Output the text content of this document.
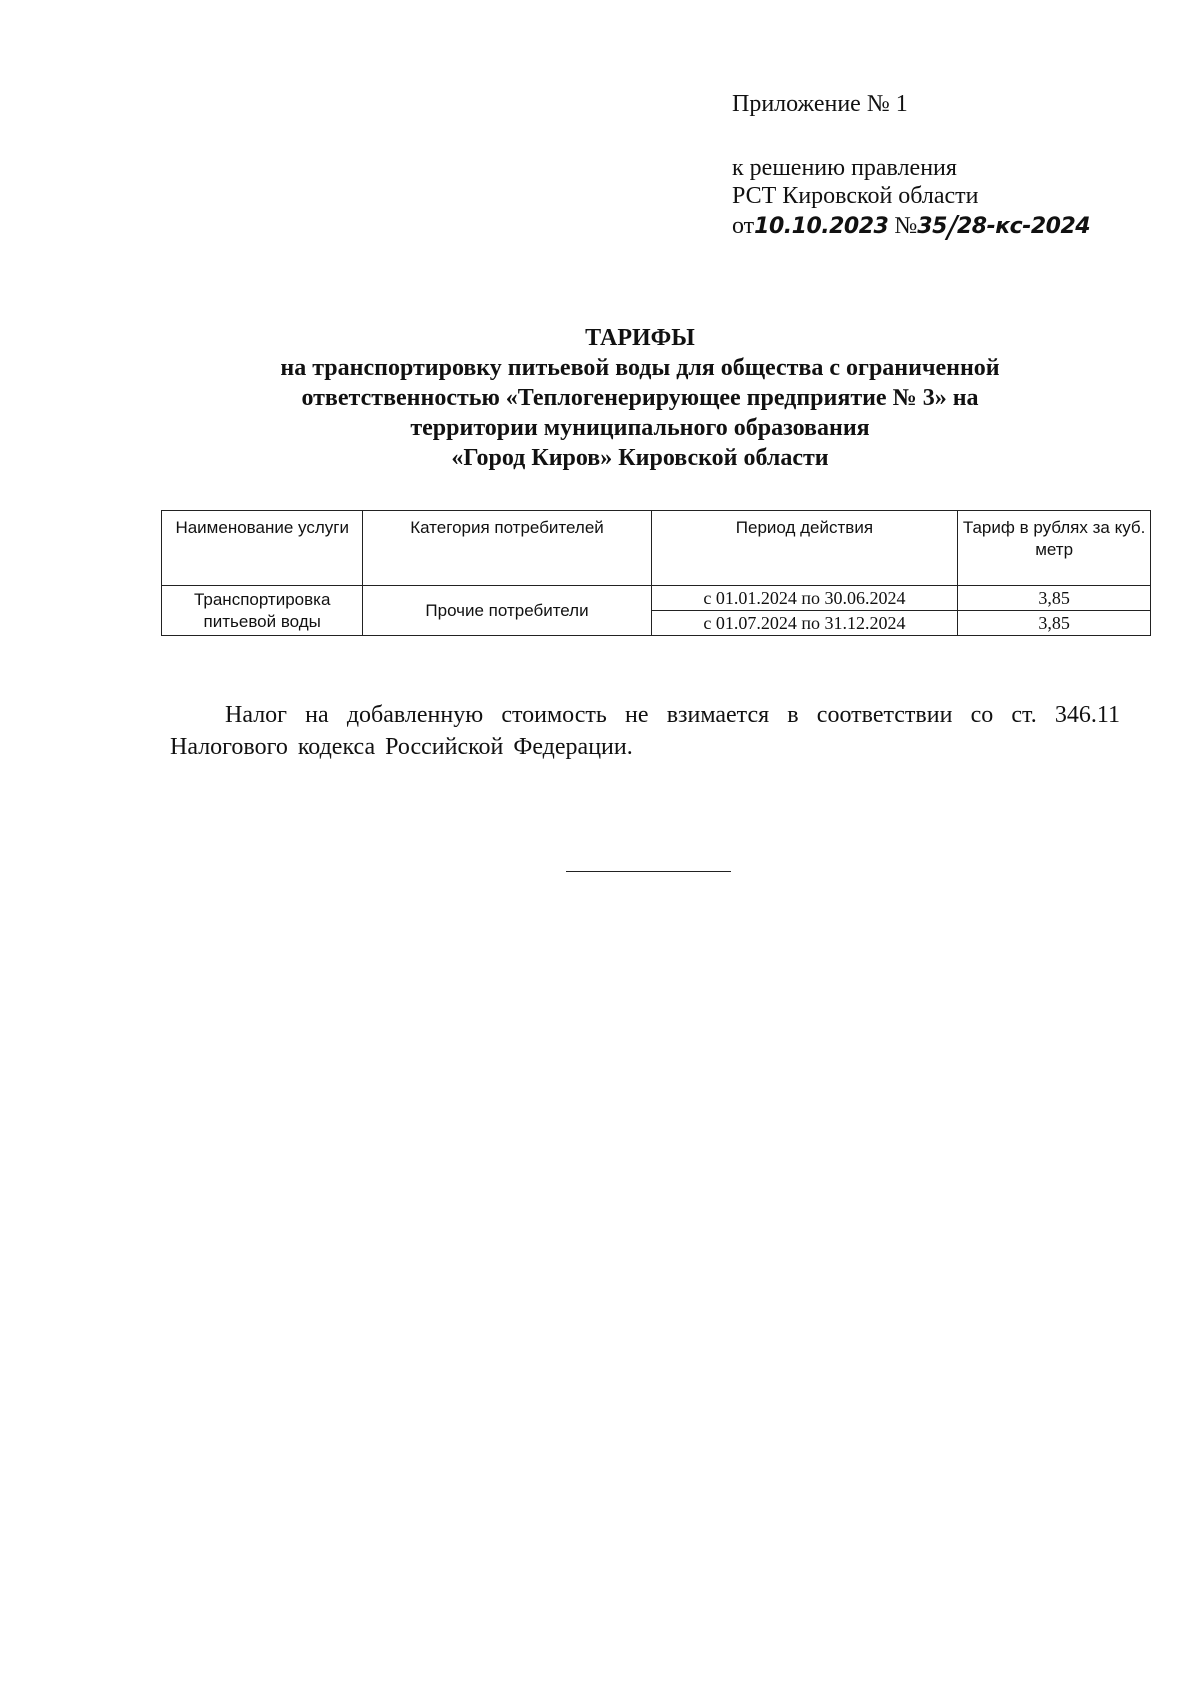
Приложение № 1
к решению правления
РСТ Кировской области
от10.10.2023 №35/28-кс-2024
ТАРИФЫ
на транспортировку питьевой воды для общества с ограниченной
ответственностью «Теплогенерирующее предприятие № 3» на
территории муниципального образования
«Город Киров» Кировской области
Наименование услуги	Категория потребителей	Период действия	Тариф в рублях за куб. метр
Транспортировка питьевой воды	Прочие потребители	с 01.01.2024 по 30.06.2024	3,85
		с 01.07.2024 по 31.12.2024	3,85

Налог на добавленную стоимость не взимается в соответствии со ст. 346.11 Налогового кодекса Российской Федерации.
